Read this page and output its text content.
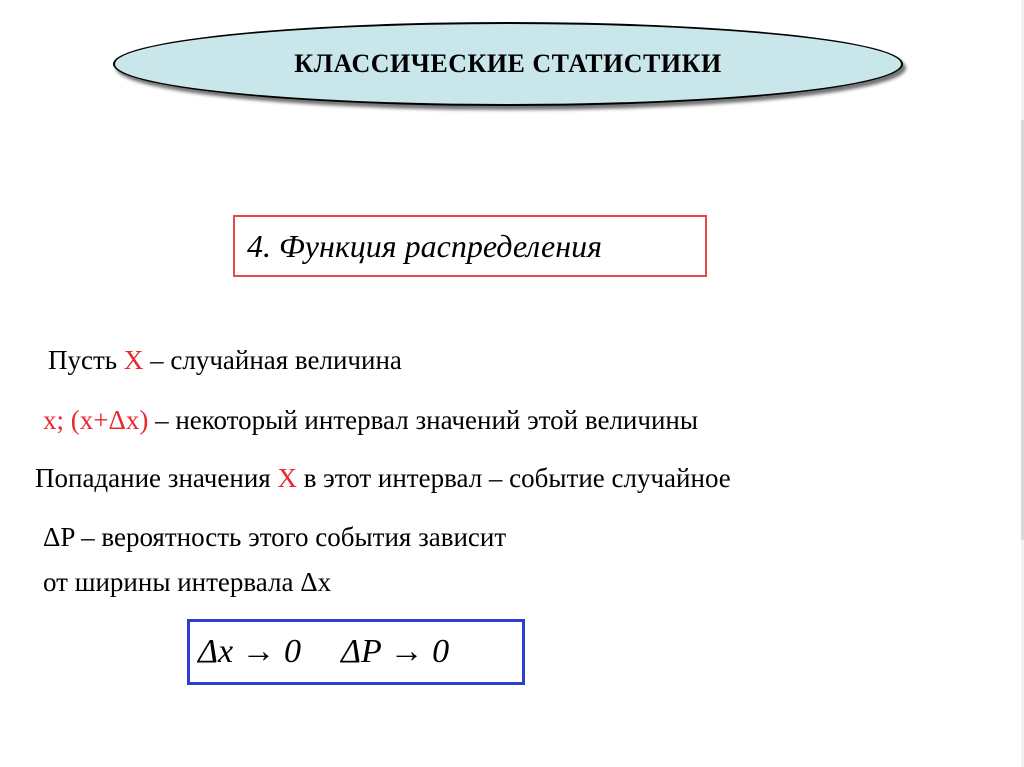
КЛАССИЧЕСКИЕ СТАТИСТИКИ
4. Функция распределения
Пусть X – случайная величина
x; (x+Δx) – некоторый интервал значений этой величины
Попадание значения X в этот интервал – событие случайное
ΔP – вероятность этого события зависит
от ширины интервала Δx
Δx → 0 ΔP → 0
